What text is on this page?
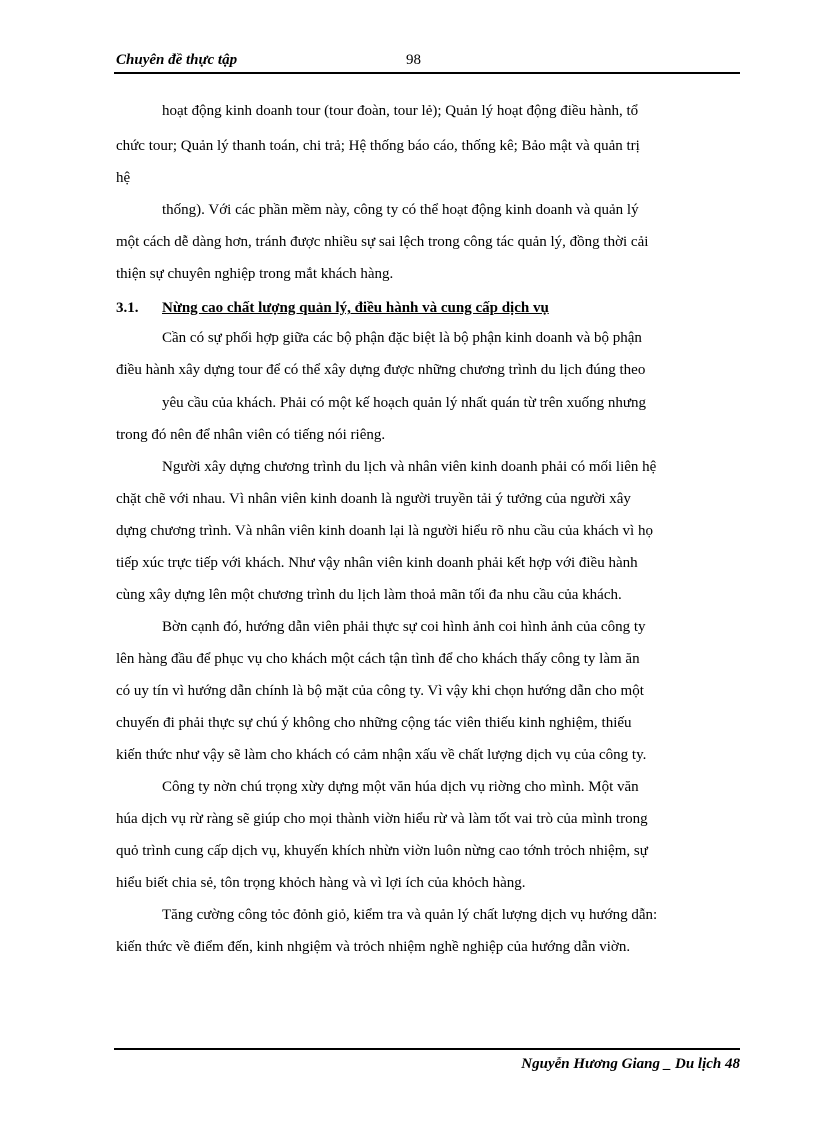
Chuyên đề thực tập	98
hoạt động kinh doanh tour (tour đoàn, tour lẻ); Quản lý hoạt động điều hành, tổ
chức tour; Quản lý thanh toán, chi trả; Hệ thống báo cáo, thống kê; Bảo mật và quản trị
hệ
thống). Với các phần mềm này, công ty có thể hoạt động kinh doanh và quản lý
một cách dễ dàng hơn, tránh được nhiều sự sai lệch trong công tác quản lý, đồng thời cải
thiện sự chuyên nghiệp trong mắt khách hàng.
3.1. Nừng cao chất lượng quản lý, điều hành và cung cấp dịch vụ
Cần có sự phối hợp giữa các bộ phận đặc biệt là bộ phận kinh doanh và bộ phận
điều hành xây dựng tour để có thể xây dựng được những chương trình du lịch đúng theo
yêu cầu của khách. Phải có một kế hoạch quản lý nhất quán từ trên xuống nhưng
trong đó nên để nhân viên có tiếng nói riêng.
Người xây dựng chương trình du lịch và nhân viên kinh doanh phải có mối liên hệ
chặt chẽ với nhau. Vì nhân viên kinh doanh là người truyền tải ý tưởng của người xây
dựng chương trình. Và nhân viên kinh doanh lại là người hiểu rõ nhu cầu của khách vì họ
tiếp xúc trực tiếp với khách. Như vậy nhân viên kinh doanh phải kết hợp với điều hành
cùng xây dựng lên một chương trình du lịch làm thoả mãn tối đa nhu cầu của khách.
Bờn cạnh đó, hướng dẫn viên phải thực sự coi hình ảnh coi hình ảnh của công ty
lên hàng đầu để phục vụ cho khách một cách tận tình để cho khách thấy công ty làm ăn
có uy tín vì hướng dẫn chính là bộ mặt của công ty. Vì vậy khi chọn hướng dẫn cho một
chuyến đi phải thực sự chú ý không cho những cộng tác viên thiếu kinh nghiệm, thiếu
kiến thức như vậy sẽ làm cho khách có cảm nhận xấu về chất lượng dịch vụ của công ty.
Công ty nờn chú trọng xừy dựng một văn húa dịch vụ riờng cho mình. Một văn
húa dịch vụ rừ ràng sẽ giúp cho mọi thành viờn hiểu rừ và làm tốt vai trò của mình trong
quỏ trình cung cấp dịch vụ, khuyến khích nhừn viờn luôn nừng cao tớnh trỏch nhiệm, sự
hiểu biết chia sẻ, tôn trọng khỏch hàng và vì lợi ích của khỏch hàng.
Tăng cường công tỏc đỏnh giỏ, kiểm tra và quản lý chất lượng dịch vụ hướng dẫn:
kiến thức về điểm đến, kinh nhgiệm và trỏch nhiệm nghề nghiệp của hướng dẫn viờn.
Nguyễn Hương Giang _ Du lịch 48
